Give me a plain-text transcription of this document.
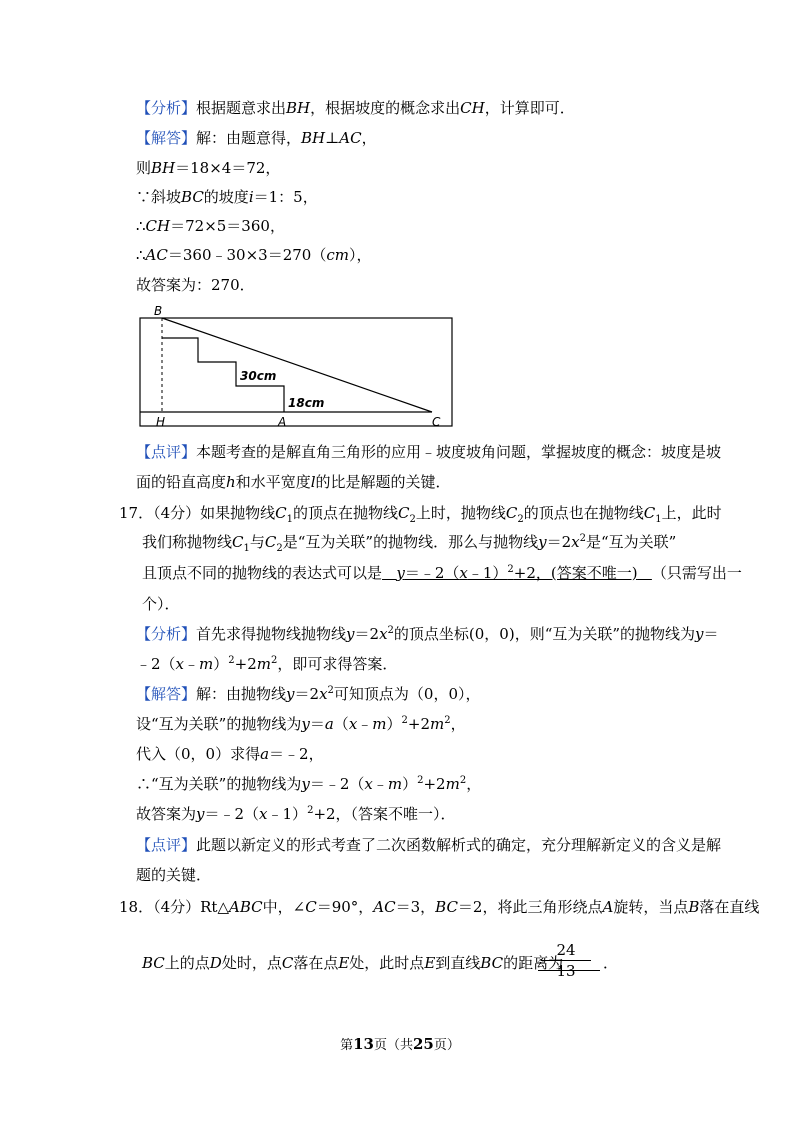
【分析】根据题意求出BH，根据坡度的概念求出CH，计算即可．
【解答】解：由题意得，BH⊥AC，
则BH＝18×4＝72，
∵斜坡BC的坡度i＝1：5，
∴CH＝72×5＝360，
∴AC＝360﹣30×3＝270（cm），
故答案为：270．
B
H	A	C
30cm
18cm
【点评】本题考查的是解直角三角形的应用﹣坡度坡角问题，掌握坡度的概念：坡度是坡
面的铅直高度h和水平宽度l的比是解题的关键．
17．（4分）如果抛物线$C_1$的顶点在抛物线$C_2$上时，抛物线$C_2$的顶点也在抛物线$C_1$上，此时
我们称抛物线$C_1$与$C_2$是“互为关联”的抛物线．那么与抛物线$y=2x^2$是“互为关联”
且顶点不同的抛物线的表达式可以是 y＝﹣2（x﹣1）$^2$+2，(答案不唯一) （只需写出一
个）．
【分析】首先求得抛物线抛物线$y=2x^2$的顶点坐标(0，0)，则“互为关联”的抛物线为y＝
$﹣2(x﹣m)^2+2m^2$，即可求得答案．
【解答】解：由抛物线$y=2x^2$可知顶点为（0，0），
设“互为关联”的抛物线为$y=a(x﹣m)^2+2m^2$，
代入（0，0）求得a＝﹣2，
∴“互为关联”的抛物线为$y=﹣2(x﹣m)^2+2m^2$，
故答案为y＝﹣2（x﹣1）$^2$+2，（答案不唯一）．
【点评】此题以新定义的形式考查了二次函数解析式的确定，充分理解新定义的含义是解
题的关键．
18．（4分）Rt△ABC中，∠C＝90°，AC＝3，BC＝2，将此三角形绕点A旋转，当点B落在直线
BC上的点D处时，点C落在点E处，此时点E到直线BC的距离为
24
13	．
第13页（共25页）
